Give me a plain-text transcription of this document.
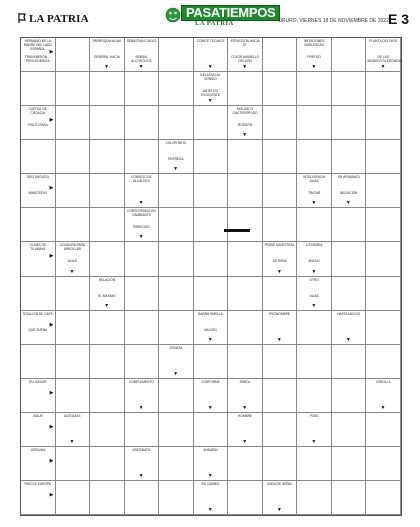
LA PATRIA	PASATIEMPOS
LA PATRIA	ORURO, VIERNES 18 DE NOVIEMBRE DE 2022 E 3
HERMANO DE LA MADRE DEL LADO ESPAÑOL
TRANSMISIÓN ... PROCEDENCIA
▶
PARROQUIA ALIAS
GENERAL HACIA
▼
SEBASTIÁN CALVO
BEBIDA ALCOHÓLICA
▼
COMITÉ TÉCNICO
▼
ATRACCIÓN HACIA EL
COLOR AMARILLO OSCURO
▼
IMITACIONES BURLESCAS
PREFIJO
▼
PLANTA DEL DIOS
DE LAS MONOCOTILEDÓNEAS
▼
RELATIVO AL SONIDO
ADJETIVO EXCELENTE
▼
CAPITAL DE CROACIA
FRUTO PARA
▶
MOLUSCO GASTERÓPODO
ROEDOR
▼
COLOR REJO
ENTREGA
▼
DIEZ (INGLÉS)
MINISTERIO
▶
CONSEJO DE ALCALDES
▼
INTELIGENCIA ALIAS
TRATAR
▼
SR (ROMANO)
INICIACIÓN
▼
CORROYENDO EN CAMBIANTE
PARECIDO
▼
OLIVAS DE TILAMAYA
▶
LIGADURA PARA ARROLLAR
ALIAS
▼
FRASE MAGISTRAL
ARTERIA
▼
LITERARIA
ANCHO
▼
RELACIÓN
EL MÁXIMO
▼
OTRO
ALIAS
▼
STALLION DE CAFÉ
QUÉ SUENA
▶
BARRA VARILLA
NACIÓN
▼
PRONOMBRE
▼
HASTA MUCHO
▼
SONATA
▼
EN JÚNIOR
▶
COMPLEMENTO
▼
CONFORME
▼
ÁRBOL
▼
CEBOLLA
▼
SIGUE
▶
ACEQUIAS
▼
HOMBRE
▼
POSE
▼
JORDANA
▶
ASESINATO
▼
ANDARÍN
▼
PAÍS DE EUROPA
▶
EN CAMBIO
▼
ONDA DE SEÑAL
▼
